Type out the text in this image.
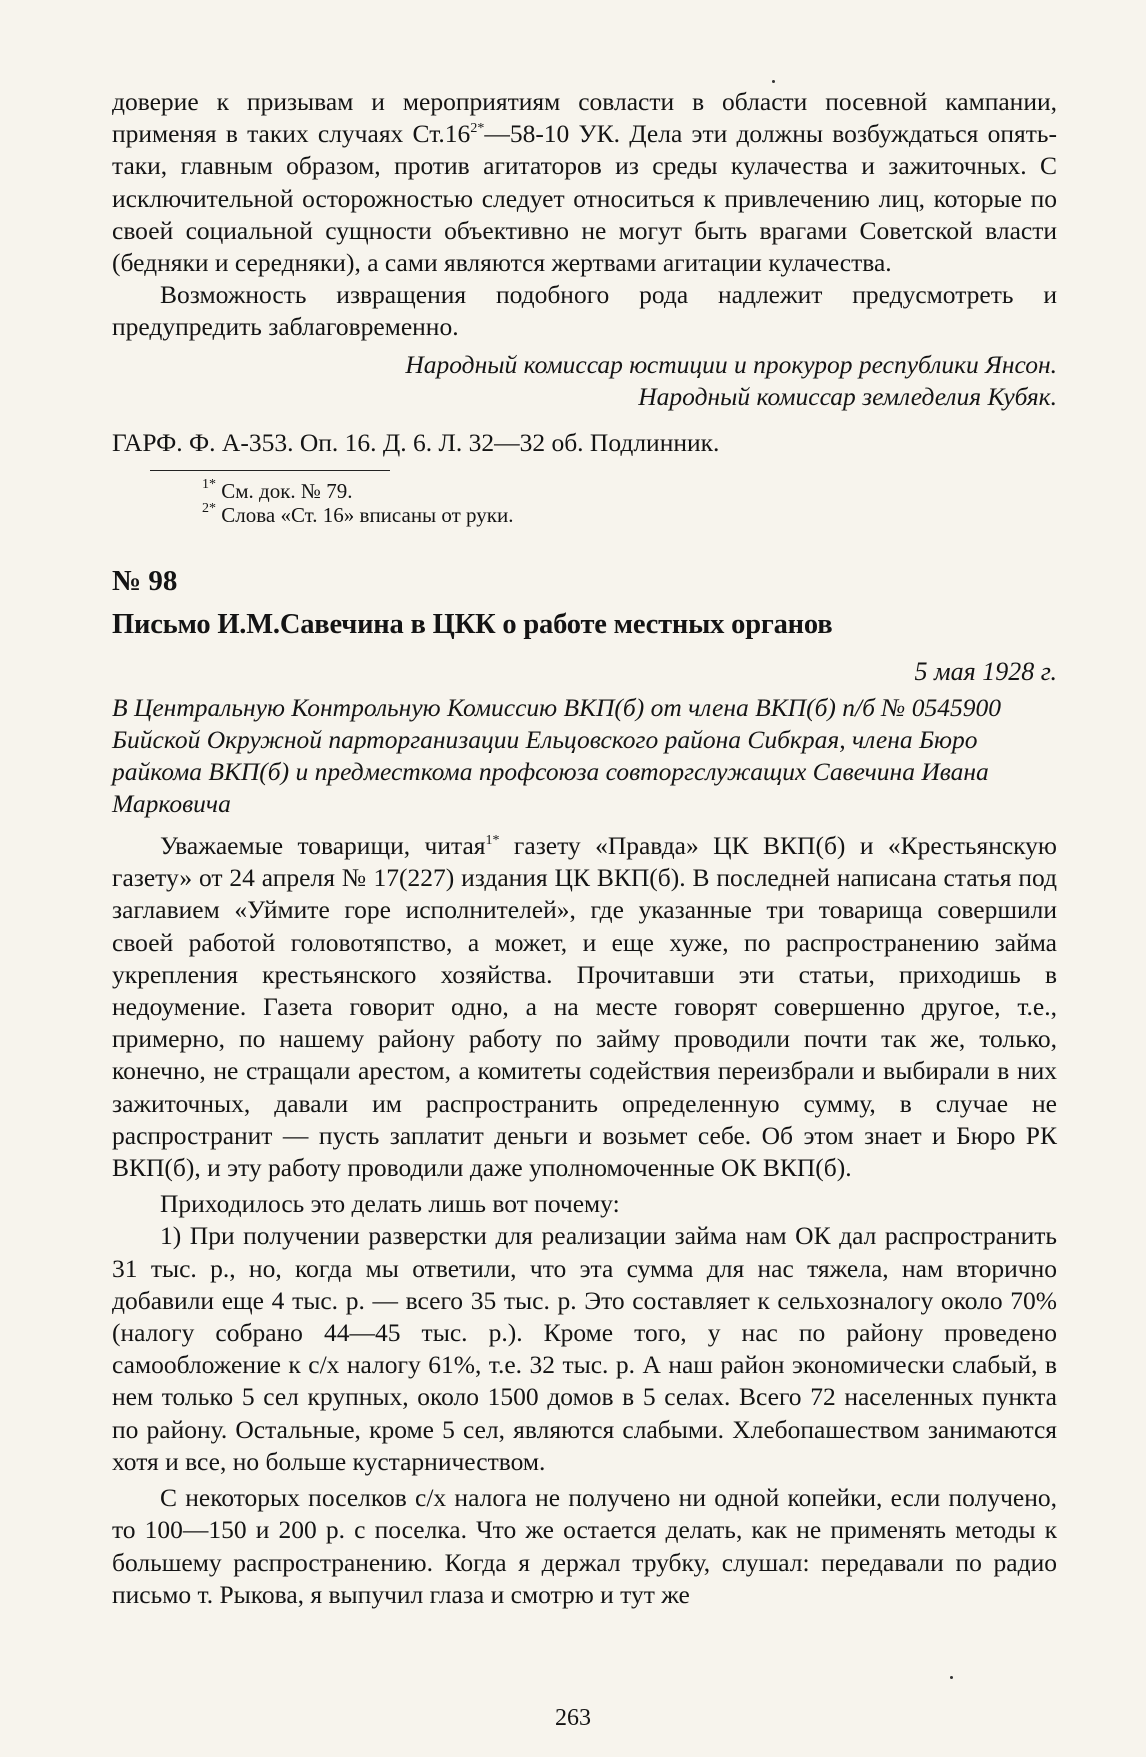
доверие к призывам и мероприятиям совласти в области посевной кампании, применяя в таких случаях $Ст.16^{2*}—58-10$ УК. Дела эти должны возбуждаться опять-таки, главным образом, против агитаторов из среды кулачества и зажиточных. С исключительной осторожностью следует относиться к привлечению лиц, которые по своей социальной сущности объективно не могут быть врагами Советской власти (бедняки и середняки), а сами являются жертвами агитации кулачества.

Возможность извращения подобного рода надлежит предусмотреть и предупредить заблаговременно.

Народный комиссар юстиции и прокурор республики Янсон.
Народный комиссар земледелия Кубяк.

ГАРФ. Ф. А-353. Оп. 16. Д. 6. Л. 32—32 об. Подлинник.

$^{1*}$ См. док. № 79.
$^{2*}$ Слова «Ст. 16» вписаны от руки.
№ 98
Письмо И.М.Савечина в ЦКК о работе местных органов
5 мая 1928 г.
В Центральную Контрольную Комиссию ВКП(б) от члена ВКП(б) п/б № 0545900 Бийской Окружной парторганизации Ельцовского района Сибкрая, члена Бюро райкома ВКП(б) и предместкома профсоюза совторгслужащих Савечина Ивана Марковича

Уважаемые товарищи, читая$^{1*}$ газету «Правда» ЦК ВКП(б) и «Крестьянскую газету» от 24 апреля № 17(227) издания ЦК ВКП(б). В последней написана статья под заглавием «Уймите горе исполнителей», где указанные три товарища совершили своей работой головотяпство, а может, и еще хуже, по распространению займа укрепления крестьянского хозяйства. Прочитавши эти статьи, приходишь в недоумение. Газета говорит одно, а на месте говорят совершенно другое, т.е., примерно, по нашему району работу по займу проводили почти так же, только, конечно, не стращали арестом, а комитеты содействия переизбрали и выбирали в них зажиточных, давали им распространить определенную сумму, в случае не распространит — пусть заплатит деньги и возьмет себе. Об этом знает и Бюро РК ВКП(б), и эту работу проводили даже уполномоченные ОК ВКП(б).

Приходилось это делать лишь вот почему:

1) При получении разверстки для реализации займа нам ОК дал распространить 31 тыс. р., но, когда мы ответили, что эта сумма для нас тяжела, нам вторично добавили еще 4 тыс. р. — всего 35 тыс. р. Это составляет к сельхозналогу около 70% (налогу собрано 44—45 тыс. р.). Кроме того, у нас по району проведено самообложение к с/х налогу 61%, т.е. 32 тыс. р. А наш район экономически слабый, в нем только 5 сел крупных, около 1500 домов в 5 селах. Всего 72 населенных пункта по району. Остальные, кроме 5 сел, являются слабыми. Хлебопашеством занимаются хотя и все, но больше кустарничеством.

С некоторых поселков с/х налога не получено ни одной копейки, если получено, то 100—150 и 200 р. с поселка. Что же остается делать, как не применять методы к большему распространению. Когда я держал трубку, слушал: передавали по радио письмо т. Рыкова, я выпучил глаза и смотрю и тут же

263
